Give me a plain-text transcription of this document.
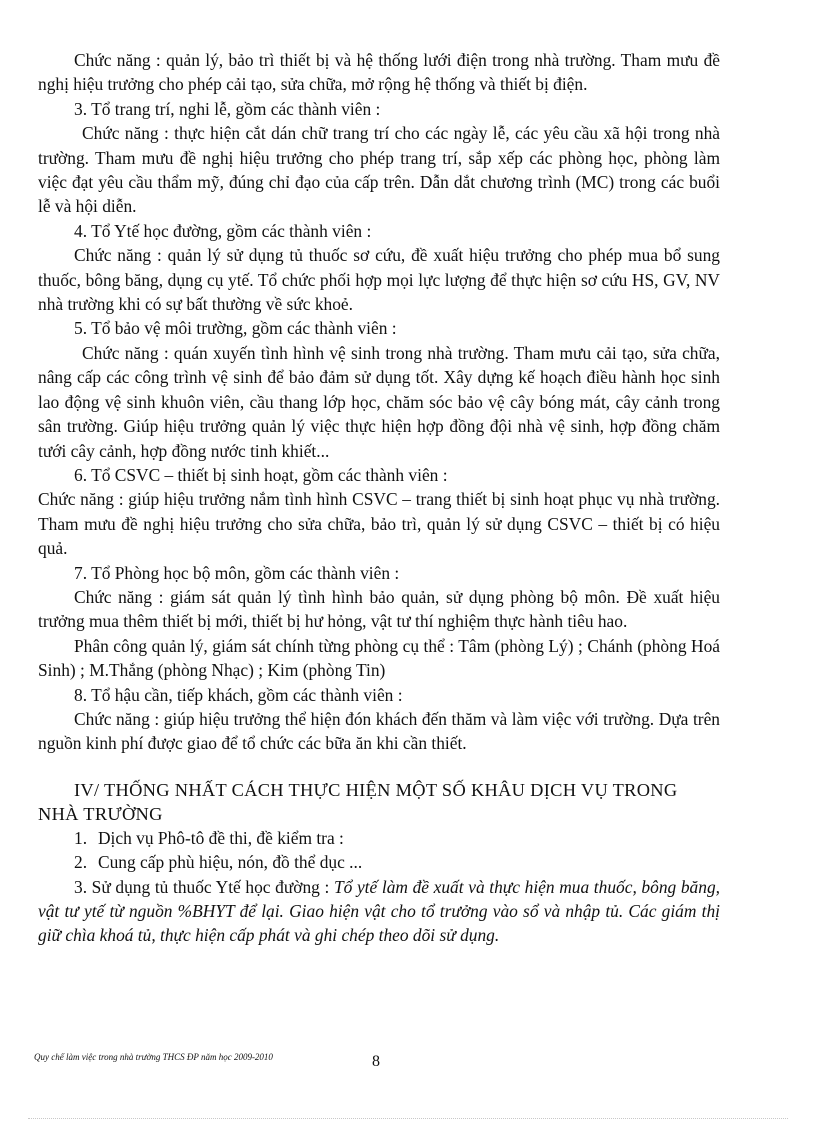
Chức năng : quản lý, bảo trì thiết bị và hệ thống lưới điện trong nhà trường. Tham mưu đề nghị hiệu trưởng cho phép cải tạo, sửa chữa, mở rộng hệ thống và thiết bị điện.

3. Tổ trang trí, nghi lễ, gồm các thành viên :

Chức năng : thực hiện cắt dán chữ trang trí cho các ngày lễ, các yêu cầu xã hội trong nhà trường. Tham mưu đề nghị hiệu trưởng cho phép trang trí, sắp xếp các phòng học, phòng làm việc đạt yêu cầu thẩm mỹ, đúng chỉ đạo của cấp trên. Dẫn dắt chương trình (MC) trong các buổi lễ và hội diễn.

4. Tổ Ytế học đường, gồm các thành viên :

Chức năng : quản lý sử dụng tủ thuốc sơ cứu, đề xuất hiệu trưởng cho phép mua bổ sung thuốc, bông băng, dụng cụ ytế. Tổ chức phối hợp mọi lực lượng để thực hiện sơ cứu HS, GV, NV nhà trường khi có sự bất thường về sức khoẻ.

5. Tổ bảo vệ môi trường, gồm các thành viên :

Chức năng : quán xuyến tình hình vệ sinh trong nhà trường. Tham mưu cải tạo, sửa chữa, nâng cấp các công trình vệ sinh để bảo đảm sử dụng tốt. Xây dựng kế hoạch điều hành học sinh lao động vệ sinh khuôn viên, cầu thang lớp học, chăm sóc bảo vệ cây bóng mát, cây cảnh trong sân trường. Giúp hiệu trưởng quản lý việc thực hiện hợp đồng đội nhà vệ sinh, hợp đồng chăm tưới cây cảnh, hợp đồng nước tinh khiết...

6. Tổ CSVC – thiết bị sinh hoạt, gồm các thành viên :

Chức năng : giúp hiệu trưởng nắm tình hình CSVC – trang thiết bị sinh hoạt phục vụ nhà trường. Tham mưu đề nghị hiệu trưởng cho sửa chữa, bảo trì, quản lý sử dụng CSVC – thiết bị có hiệu quả.

7. Tổ Phòng học bộ môn, gồm các thành viên :

Chức năng : giám sát quản lý tình hình bảo quản, sử dụng phòng bộ môn. Đề xuất hiệu trưởng mua thêm thiết bị mới, thiết bị hư hỏng, vật tư thí nghiệm thực hành tiêu hao.

Phân công quản lý, giám sát chính từng phòng cụ thể : Tâm (phòng Lý) ; Chánh (phòng Hoá Sinh) ; M.Thắng (phòng Nhạc) ; Kim (phòng Tin)

8. Tổ hậu cần, tiếp khách, gồm các thành viên :

Chức năng : giúp hiệu trưởng thể hiện đón khách đến thăm và làm việc với trường. Dựa trên nguồn kinh phí được giao để tổ chức các bữa ăn khi cần thiết.

IV/ THỐNG NHẤT CÁCH THỰC HIỆN MỘT SỐ KHÂU DỊCH VỤ TRONG NHÀ TRƯỜNG

1. Dịch vụ Phô-tô đề thi, đề kiểm tra :

2. Cung cấp phù hiệu, nón, đồ thể dục ...

3. Sử dụng tủ thuốc Ytế học đường : Tổ ytế làm đề xuất và thực hiện mua thuốc, bông băng, vật tư ytế từ nguồn %BHYT để lại. Giao hiện vật cho tổ trưởng vào sổ và nhập tủ. Các giám thị giữ chìa khoá tủ, thực hiện cấp phát và ghi chép theo dõi sử dụng.

Quy chế làm việc trong nhà trường THCS ĐP năm học 2009-2010	8
